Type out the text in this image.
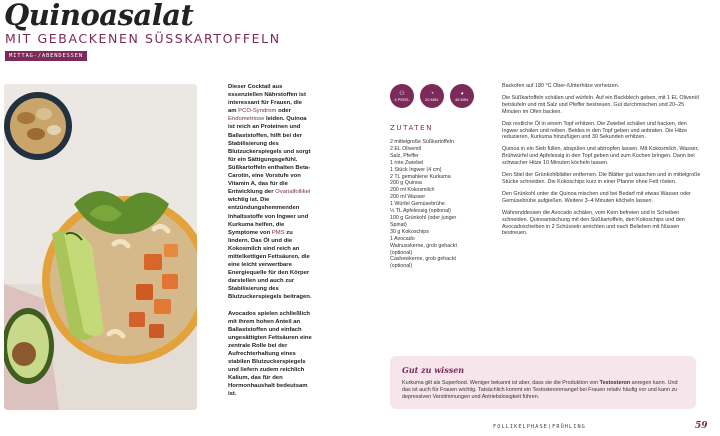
Quinoasalat
MIT GEBACKENEN SÜSSKARTOFFELN
MITTAG-/ABENDESSEN

Dieser Cocktail aus essenziellen Nährstoffen ist interessant für Frauen, die am PCO-Syndrom oder Endometriose leiden. Quinoa ist reich an Proteinen und Ballaststoffen, hilft bei der Stabilisierung des Blutzuckerspiegels und sorgt für ein Sättigungsgefühl. Süßkartoffeln enthalten Beta-Carotin, eine Vorstufe von Vitamin A, das für die Entwicklung der Ovarialfollikel wichtig ist. Die entzündungshemmenden Inhaltsstoffe von Ingwer und Kurkuma helfen, die Symptome von PMS zu lindern. Das Öl und die Kokosmilch sind reich an mittelkettigen Fettsäuren, die eine leicht verwertbare Energiequelle für den Körper darstellen und auch zur Stabilisierung des Blutzuckerspiegels beitragen.

Avocados spielen schließlich mit ihrem hohen Anteil an Ballaststoffen und einfach ungesättigten Fettsäuren eine zentrale Rolle bei der Aufrechterhaltung eines stabilen Blutzuckerspiegels und liefern zudem reichlich Kalium, das für den Hormonhaushalt bedeutsam ist.

⚇
4 PERS.
◔
20 MIN.
◕
45 MIN.
ZUTATEN
2 mittelgroße Süßkartoffeln
2 EL Olivenöl
Salz, Pfeffer
1 rote Zwiebel
1 Stück Ingwer (4 cm)
2 TL gemahlene Kurkuma
200 g Quinoa
200 ml Kokosmilch
200 ml Wasser
1 Würfel Gemüsebrühe
½ TL Apfelessig (optional)
100 g Grünkohl (oder junger
Spinat)
30 g Kokoschips
1 Avocado
Walnusskerne, grob gehackt
(optional)
Cashewkerne, grob gehackt
(optional)

Backofen auf 180 °C Ober-/Unterhitze vorheizen.

Die Süßkartoffeln schälen und würfeln. Auf ein Backblech geben, mit 1 EL Olivenöl beträufeln und mit Salz und Pfeffer bestreuen. Gut durchmischen und 20–25 Minuten im Ofen backen.

Das restliche Öl in einem Topf erhitzen. Die Zwiebel schälen und hacken, den Ingwer schälen und reiben. Beides in den Topf geben und anbraten. Die Hitze reduzieren, Kurkuma hinzufügen und 30 Sekunden erhitzen.

Quinoa in ein Sieb füllen, abspülen und abtropfen lassen. Mit Kokosmilch, Wasser, Brühwürfel und Apfelessig in den Topf geben und zum Kochen bringen. Dann bei schwacher Hitze 10 Minuten köcheln lassen.

Den Stiel der Grünkohlblätter entfernen. Die Blätter gut waschen und in mittelgroße Stücke schneiden. Die Kokoschips kurz in einer Pfanne ohne Fett rösten.

Den Grünkohl unter die Quinoa mischen und bei Bedarf mit etwas Wasser oder Gemüsebrühe aufgießen. Weitere 3–4 Minuten köcheln lassen.

Währenddessen die Avocado schälen, vom Kern befreien und in Scheiben schneiden. Quinoamischung mit den Süßkartoffeln, den Kokoschips und den Avocadoscheiben in 2 Schüsseln anrichten und nach Belieben mit Nüssen bestreuen.

Gut zu wissen
Kurkuma gilt als Superfood. Weniger bekannt ist aber, dass sie die Produktion von Testosteron anregen kann. Und das ist auch für Frauen wichtig. Tatsächlich kommt ein Testosteronmangel bei Frauen relativ häufig vor und kann zu depressiven Verstimmungen und Antriebslosigkeit führen.
FOLLIKELPHASE|FRÜHLING	59
